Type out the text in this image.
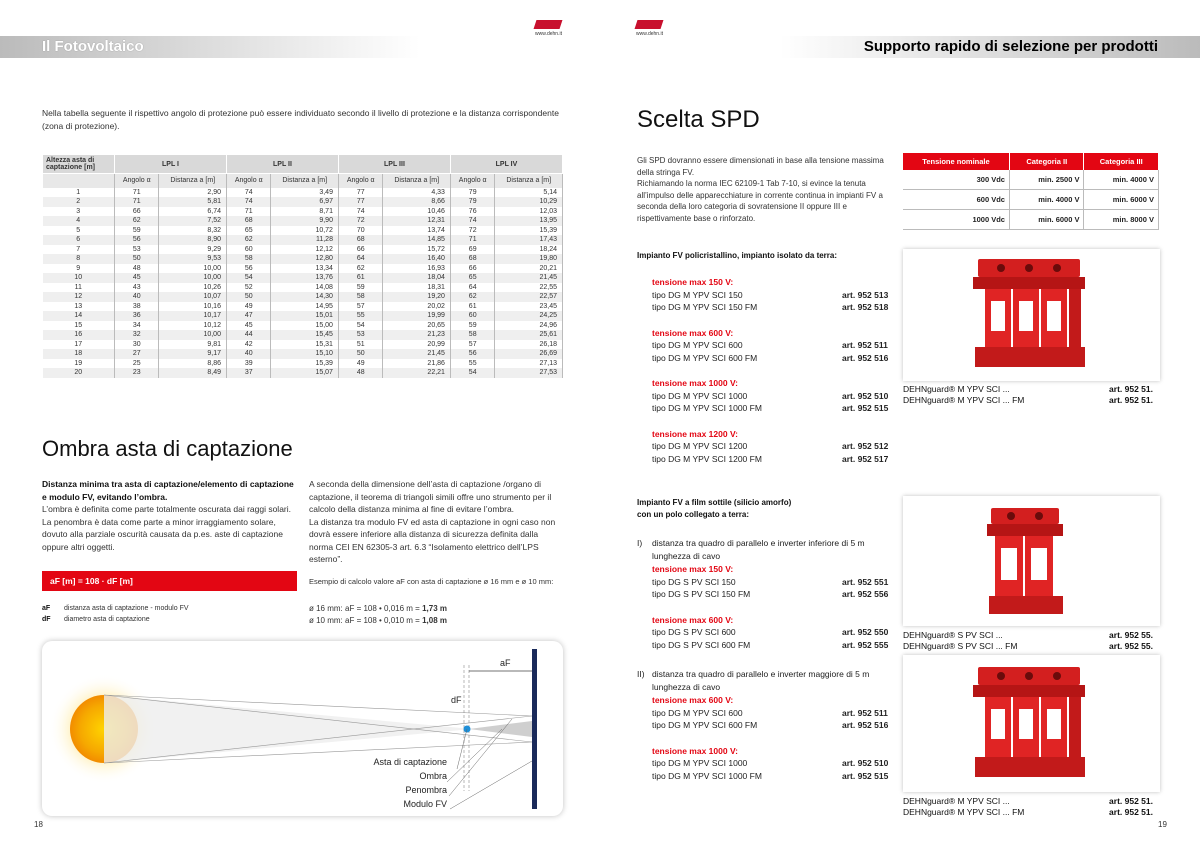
Il Fotovoltaico
www.dehn.it
Nella tabella seguente il rispettivo angolo di protezione può essere individuato secondo il livello di protezione e la distanza corrispondente (zona di protezione).
Altezza asta di captazione [m]	LPL I		LPL II		LPL III		LPL IV	
	Angolo α	Distanza a [m]	Angolo α	Distanza a [m]	Angolo α	Distanza a [m]	Angolo α	Distanza a [m]
1	71	2,90	74	3,49	77	4,33	79	5,14
2	71	5,81	74	6,97	77	8,66	79	10,29
3	66	6,74	71	8,71	74	10,46	76	12,03
4	62	7,52	68	9,90	72	12,31	74	13,95
5	59	8,32	65	10,72	70	13,74	72	15,39
6	56	8,90	62	11,28	68	14,85	71	17,43
7	53	9,29	60	12,12	66	15,72	69	18,24
8	50	9,53	58	12,80	64	16,40	68	19,80
9	48	10,00	56	13,34	62	16,93	66	20,21
10	45	10,00	54	13,76	61	18,04	65	21,45
11	43	10,26	52	14,08	59	18,31	64	22,55
12	40	10,07	50	14,30	58	19,20	62	22,57
13	38	10,16	49	14,95	57	20,02	61	23,45
14	36	10,17	47	15,01	55	19,99	60	24,25
15	34	10,12	45	15,00	54	20,65	59	24,96
16	32	10,00	44	15,45	53	21,23	58	25,61
17	30	9,81	42	15,31	51	20,99	57	26,18
18	27	9,17	40	15,10	50	21,45	56	26,69
19	25	8,86	39	15,39	49	21,86	55	27,13
20	23	8,49	37	15,07	48	22,21	54	27,53
Ombra asta di captazione
Distanza minima tra asta di captazione/elemento di captazione e modulo FV, evitando l’ombra.
L’ombra è definita come parte totalmente oscurata dai raggi solari. La penombra è data come parte a minor irraggiamento solare, dovuto alla parziale oscurità causata da p.es. aste di captazione oppure altri oggetti.
A seconda della dimensione dell’asta di captazione /organo di captazione, il teorema di triangoli simili offre uno strumento per il calcolo della distanza minima al fine di evitare l’ombra.
La distanza tra modulo FV ed asta di captazione in ogni caso non dovrà essere inferiore alla distanza di sicurezza definita dalla norma CEI EN 62305-3 art. 6.3 “Isolamento elettrico dell’LPS esterno”.
aF [m] = 108 · dF [m]
aF distanza asta di captazione - modulo FV
dF diametro asta di captazione
Esempio di calcolo valore aF con asta di captazione ø 16 mm e ø 10 mm:
ø 16 mm: aF = 108 • 0,016 m = 1,73 m
ø 10 mm: aF = 108 • 0,010 m = 1,08 m
aF
dF
Asta di captazione
Ombra
Penombra
Modulo FV
18
www.dehn.it
Supporto rapido di selezione per prodotti
19
Scelta SPD
Gli SPD dovranno essere dimensionati in base alla tensione massima della stringa FV.
Richiamando la norma IEC 62109-1 Tab 7-10, si evince la tenuta all’impulso delle apparecchiature in corrente continua in impianti FV a seconda della loro categoria di sovratensione II oppure III e rispettivamente base o rinforzato.
Tensione nominale	Categoria II	Categoria III
300 Vdc	min. 2500 V	min. 4000 V
600 Vdc	min. 4000 V	min. 6000 V
1000 Vdc	min. 6000 V	min. 8000 V
Impianto FV policristallino, impianto isolato da terra:
tensione max 150 V:
tipo DG M YPV SCI 150	art. 952 513
tipo DG M YPV SCI 150 FM	art. 952 518
tensione max 600 V:
tipo DG M YPV SCI 600	art. 952 511
tipo DG M YPV SCI 600 FM	art. 952 516
tensione max 1000 V:
tipo DG M YPV SCI 1000	art. 952 510
tipo DG M YPV SCI 1000 FM	art. 952 515
tensione max 1200 V:
tipo DG M YPV SCI 1200	art. 952 512
tipo DG M YPV SCI 1200 FM	art. 952 517
DEHNguard® M YPV SCI ...	art. 952 51.
DEHNguard® M YPV SCI ... FM	art. 952 51.
Impianto FV a film sottile (silicio amorfo)
con un polo collegato a terra:
I) distanza tra quadro di parallelo e inverter inferiore di 5 m lunghezza di cavo
tensione max 150 V:
tipo DG S PV SCI 150	art. 952 551
tipo DG S PV SCI 150 FM	art. 952 556
tensione max 600 V:
tipo DG S PV SCI 600	art. 952 550
tipo DG S PV SCI 600 FM	art. 952 555
DEHNguard® S PV SCI ...	art. 952 55.
DEHNguard® S PV SCI ... FM	art. 952 55.
II) distanza tra quadro di parallelo e inverter maggiore di 5 m lunghezza di cavo
tensione max 600 V:
tipo DG M YPV SCI 600	art. 952 511
tipo DG M YPV SCI 600 FM	art. 952 516
tensione max 1000 V:
tipo DG M YPV SCI 1000	art. 952 510
tipo DG M YPV SCI 1000 FM	art. 952 515
DEHNguard® M YPV SCI ...	art. 952 51.
DEHNguard® M YPV SCI ... FM	art. 952 51.
